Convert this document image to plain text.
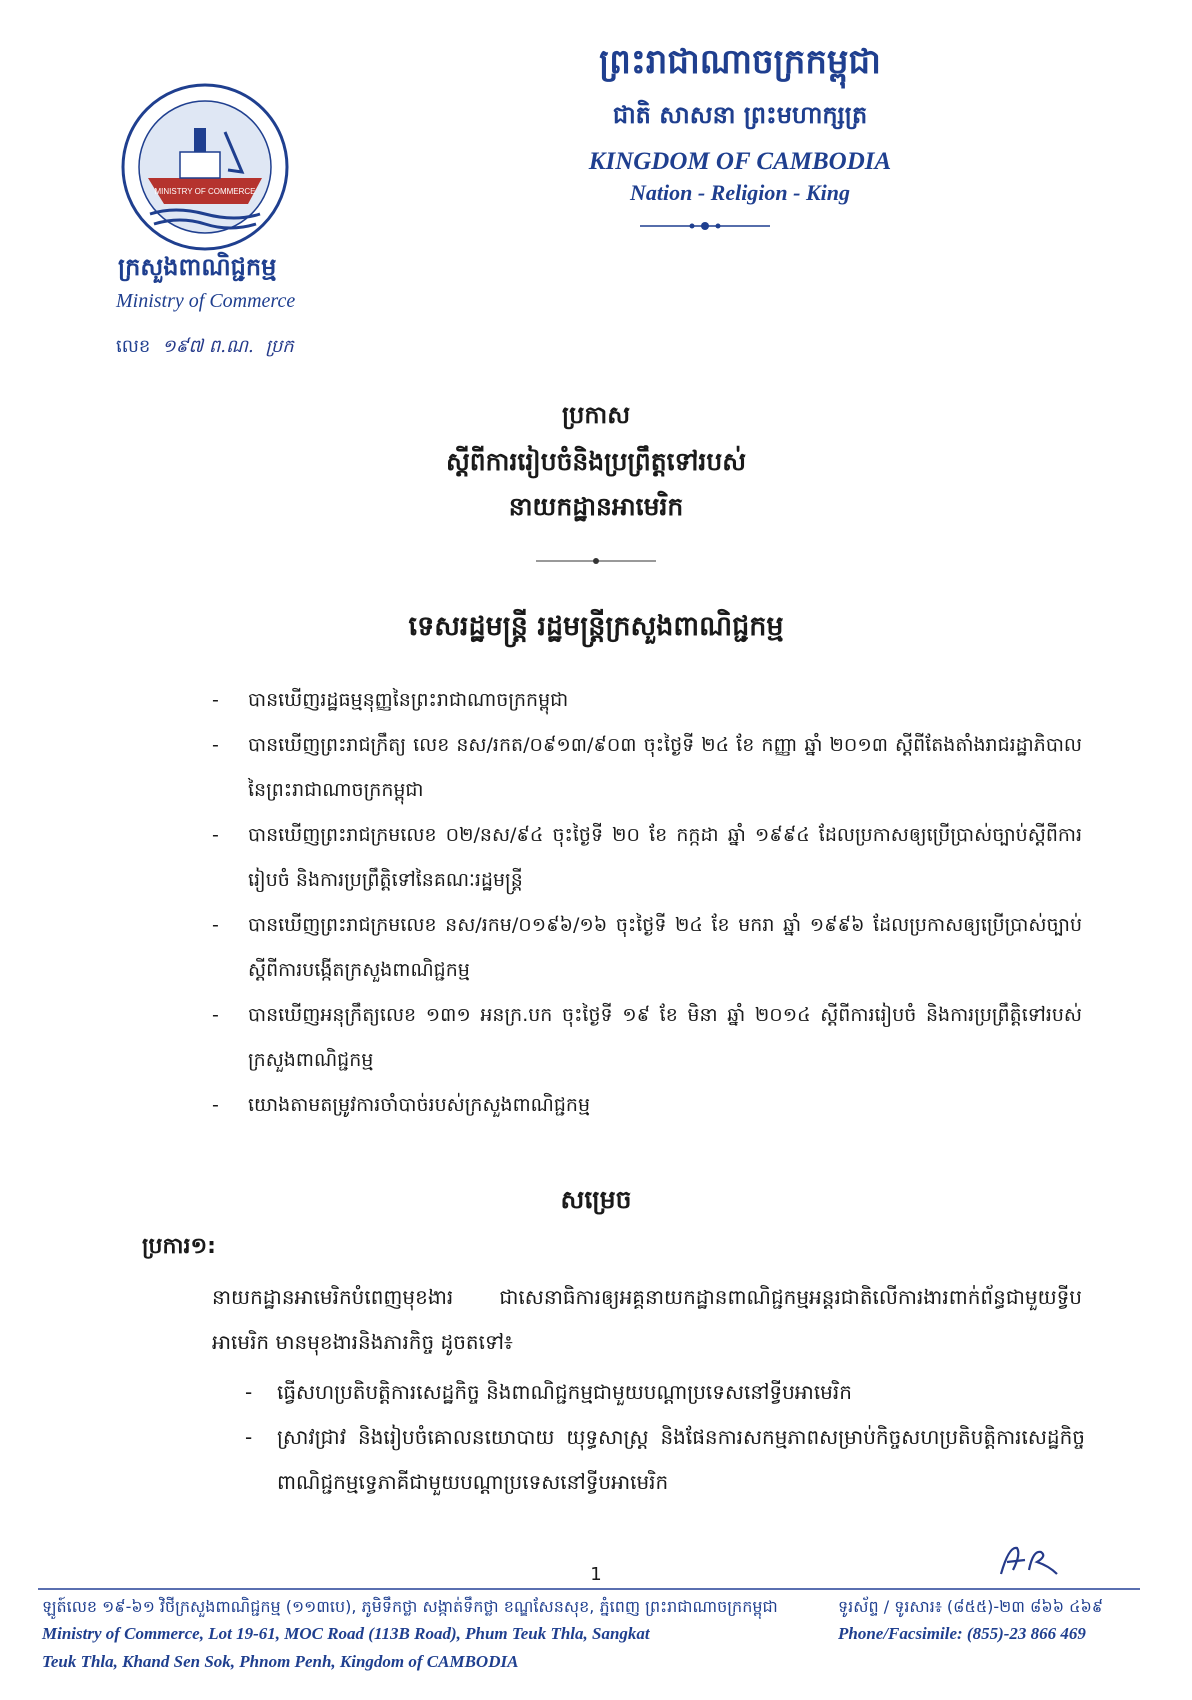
MINISTRY OF COMMERCE
ក្រសួងពាណិជ្ជកម្ម
Ministry of Commerce
លេខ ១៩៧ ព.ណ. ប្រក
ព្រះរាជាណាចក្រកម្ពុជា
ជាតិ សាសនា ព្រះមហាក្សត្រ
KINGDOM OF CAMBODIA
Nation - Religion - King
ប្រកាស
ស្តីពីការរៀបចំនិងប្រព្រឹត្តទៅរបស់
នាយកដ្ឋានអាមេរិក
ទេសរដ្ឋមន្ត្រី រដ្ឋមន្ត្រីក្រសួងពាណិជ្ជកម្ម
- បានឃើញរដ្ឋធម្មនុញ្ញនៃព្រះរាជាណាចក្រកម្ពុជា
- បានឃើញព្រះរាជក្រឹត្យ លេខ នស/រកត/០៩១៣/៩០៣ ចុះថ្ងៃទី ២៤ ខែ កញ្ញា ឆ្នាំ ២០១៣ ស្តីពីតែងតាំងរាជរដ្ឋាភិបាលនៃព្រះរាជាណាចក្រកម្ពុជា
- បានឃើញព្រះរាជក្រមលេខ ០២/នស/៩៤ ចុះថ្ងៃទី ២០ ខែ កក្កដា ឆ្នាំ ១៩៩៤ ដែលប្រកាសឲ្យប្រើប្រាស់ច្បាប់ស្តីពីការរៀបចំ និងការប្រព្រឹត្តិទៅនៃគណៈរដ្ឋមន្ត្រី
- បានឃើញព្រះរាជក្រមលេខ នស/រកម/០១៩៦/១៦ ចុះថ្ងៃទី ២៤ ខែ មករា ឆ្នាំ ១៩៩៦ ដែលប្រកាសឲ្យប្រើប្រាស់ច្បាប់ស្តីពីការបង្កើតក្រសួងពាណិជ្ជកម្ម
- បានឃើញអនុក្រឹត្យលេខ ១៣១ អនក្រ.បក ចុះថ្ងៃទី ១៩ ខែ មិនា ឆ្នាំ ២០១៤ ស្តីពីការរៀបចំ និងការប្រព្រឹត្តិទៅរបស់ក្រសួងពាណិជ្ជកម្ម
- យោងតាមតម្រូវការចាំបាច់របស់ក្រសួងពាណិជ្ជកម្ម
សម្រេច
ប្រការ១:
នាយកដ្ឋានអាមេរិកបំពេញមុខងារ ជាសេនាធិការឲ្យអគ្គនាយកដ្ឋានពាណិជ្ជកម្មអន្តរជាតិលើការងារពាក់ព័ន្ធជាមួយទ្វីបអាមេរិក មានមុខងារនិងភារកិច្ច ដូចតទៅ៖
- ធ្វើសហប្រតិបត្តិការសេដ្ឋកិច្ច និងពាណិជ្ជកម្មជាមួយបណ្តាប្រទេសនៅទ្វីបអាមេរិក
- ស្រាវជ្រាវ និងរៀបចំគោលនយោបាយ យុទ្ធសាស្ត្រ និងផែនការសកម្មភាពសម្រាប់កិច្ចសហប្រតិបត្តិការសេដ្ឋកិច្ច ពាណិជ្ជកម្មទ្វេភាគីជាមួយបណ្តាប្រទេសនៅទ្វីបអាមេរិក
1
ឡូត៍លេខ ១៩-៦១ វិថីក្រសួងពាណិជ្ជកម្ម (១១៣បេ), ភូមិទឹកថ្លា សង្កាត់ទឹកថ្លា ខណ្ឌសែនសុខ, ភ្នំពេញ ព្រះរាជាណាចក្រកម្ពុជា
Ministry of Commerce, Lot 19-61, MOC Road (113B Road), Phum Teuk Thla, Sangkat
Teuk Thla, Khand Sen Sok, Phnom Penh, Kingdom of CAMBODIA
ទូរស័ព្ទ / ទូរសារ៖ (៨៥៥)-២៣ ៨៦៦ ៤៦៩
Phone/Facsimile: (855)-23 866 469
